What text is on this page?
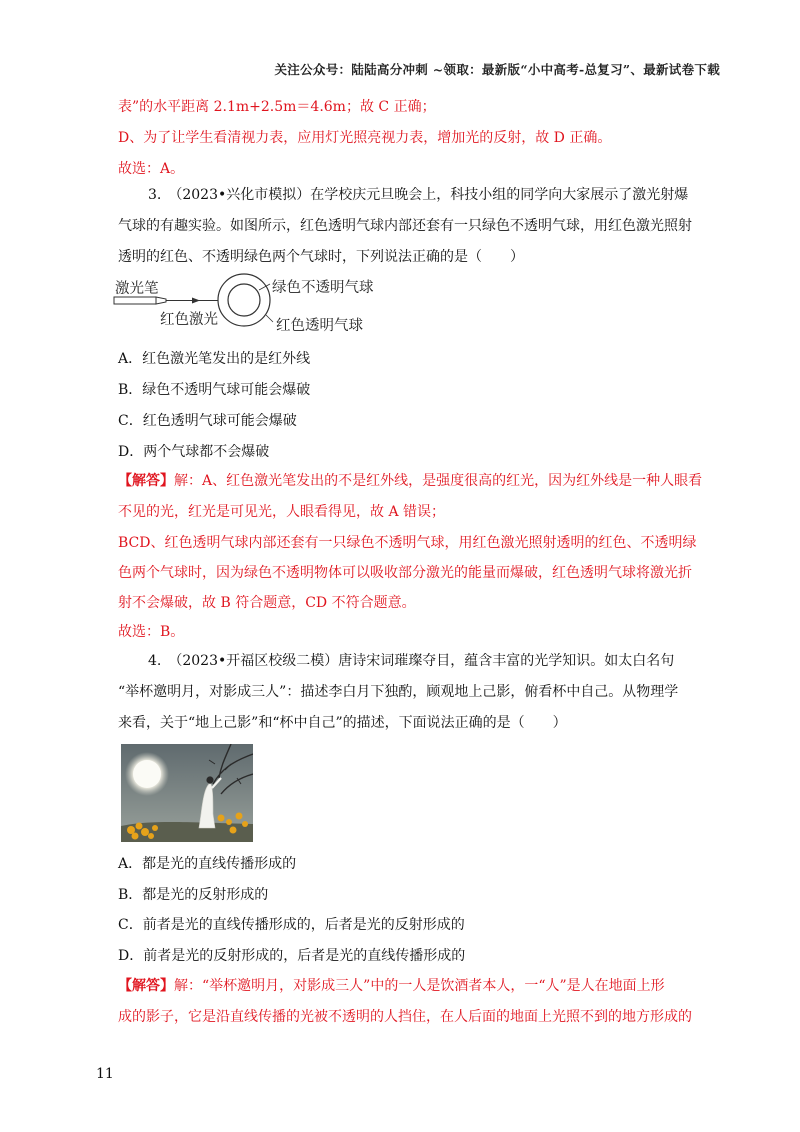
关注公众号：陆陆高分冲刺 ~领取：最新版“小中高考-总复习”、最新试卷下载
表”的水平距离 2.1m+2.5m＝4.6m；故 C 正确；
D、为了让学生看清视力表，应用灯光照亮视力表，增加光的反射，故 D 正确。
故选：A。
3.　（2023•兴化市模拟）在学校庆元旦晚会上，科技小组的同学向大家展示了激光射爆
气球的有趣实验。如图所示，红色透明气球内部还套有一只绿色不透明气球，用红色激光照射
透明的红色、不透明绿色两个气球时，下列说法正确的是（　　）
激光笔
红色激光
绿色不透明气球
红色透明气球
A．红色激光笔发出的是红外线
B．绿色不透明气球可能会爆破
C．红色透明气球可能会爆破
D．两个气球都不会爆破
【解答】解：A、红色激光笔发出的不是红外线，是强度很高的红光，因为红外线是一种人眼看
不见的光，红光是可见光，人眼看得见，故 A 错误；
BCD、红色透明气球内部还套有一只绿色不透明气球，用红色激光照射透明的红色、不透明绿
色两个气球时，因为绿色不透明物体可以吸收部分激光的能量而爆破，红色透明气球将激光折
射不会爆破，故 B 符合题意，CD 不符合题意。
故选：B。
4.　（2023•开福区校级二模）唐诗宋词璀璨夺目，蕴含丰富的光学知识。如太白名句
“举杯邀明月，对影成三人”：描述李白月下独酌，顾观地上己影，俯看杯中自己。从物理学
来看，关于“地上己影”和“杯中自己”的描述，下面说法正确的是（　　）
A．都是光的直线传播形成的
B．都是光的反射形成的
C．前者是光的直线传播形成的，后者是光的反射形成的
D．前者是光的反射形成的，后者是光的直线传播形成的
【解答】解：“举杯邀明月，对影成三人”中的一人是饮酒者本人，一“人”是人在地面上形
成的影子，它是沿直线传播的光被不透明的人挡住，在人后面的地面上光照不到的地方形成的
11
